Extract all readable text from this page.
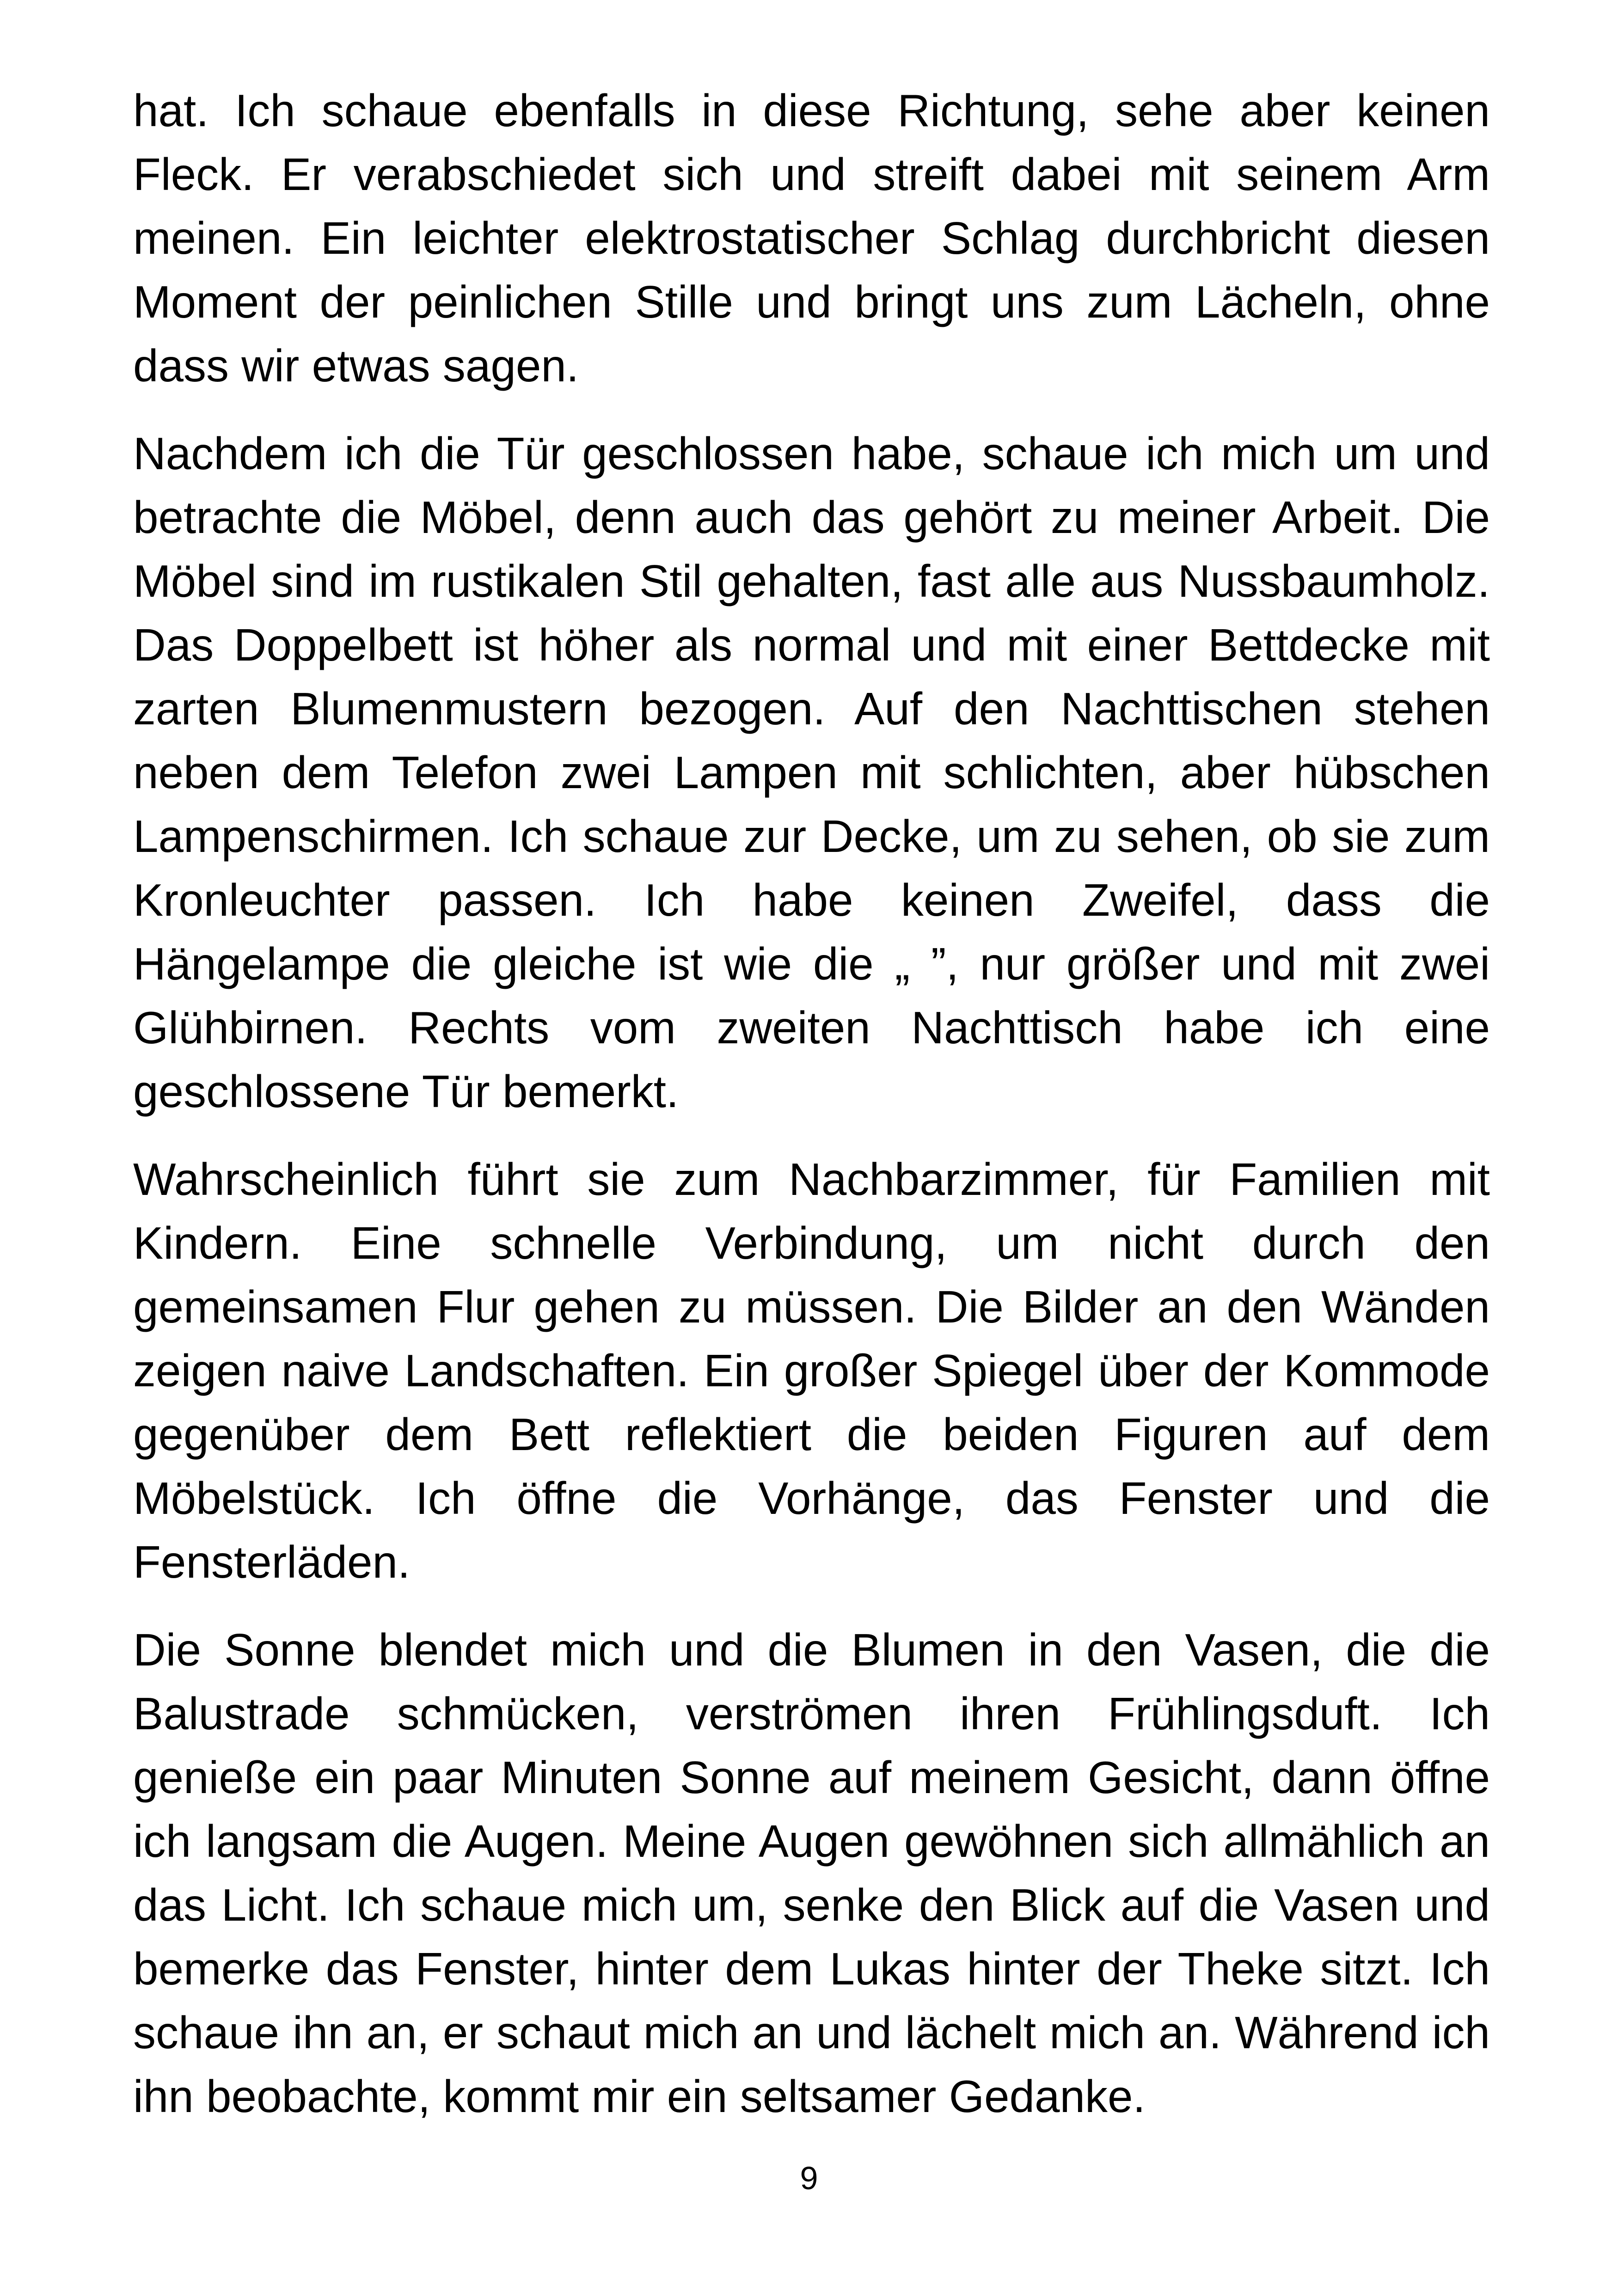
hat. Ich schaue ebenfalls in diese Richtung, sehe aber keinen Fleck. Er verabschiedet sich und streift dabei mit seinem Arm meinen. Ein leichter elektrostatischer Schlag durchbricht diesen Moment der peinlichen Stille und bringt uns zum Lächeln, ohne dass wir etwas sagen.

Nachdem ich die Tür geschlossen habe, schaue ich mich um und betrachte die Möbel, denn auch das gehört zu meiner Arbeit. Die Möbel sind im rustikalen Stil gehalten, fast alle aus Nussbaumholz. Das Doppelbett ist höher als normal und mit einer Bettdecke mit zarten Blumenmustern bezogen. Auf den Nachttischen stehen neben dem Telefon zwei Lampen mit schlichten, aber hübschen Lampenschirmen. Ich schaue zur Decke, um zu sehen, ob sie zum Kronleuchter passen. Ich habe keinen Zweifel, dass die Hängelampe die gleiche ist wie die „ ”, nur größer und mit zwei Glühbirnen. Rechts vom zweiten Nachttisch habe ich eine geschlossene Tür bemerkt.

Wahrscheinlich führt sie zum Nachbarzimmer, für Familien mit Kindern. Eine schnelle Verbindung, um nicht durch den gemeinsamen Flur gehen zu müssen. Die Bilder an den Wänden zeigen naive Landschaften. Ein großer Spiegel über der Kommode gegenüber dem Bett reflektiert die beiden Figuren auf dem Möbelstück. Ich öffne die Vorhänge, das Fenster und die Fensterläden.

Die Sonne blendet mich und die Blumen in den Vasen, die die Balustrade schmücken, verströmen ihren Frühlingsduft. Ich genieße ein paar Minuten Sonne auf meinem Gesicht, dann öffne ich langsam die Augen. Meine Augen gewöhnen sich allmählich an das Licht. Ich schaue mich um, senke den Blick auf die Vasen und bemerke das Fenster, hinter dem Lukas hinter der Theke sitzt. Ich schaue ihn an, er schaut mich an und lächelt mich an. Während ich ihn beobachte, kommt mir ein seltsamer Gedanke.

9
